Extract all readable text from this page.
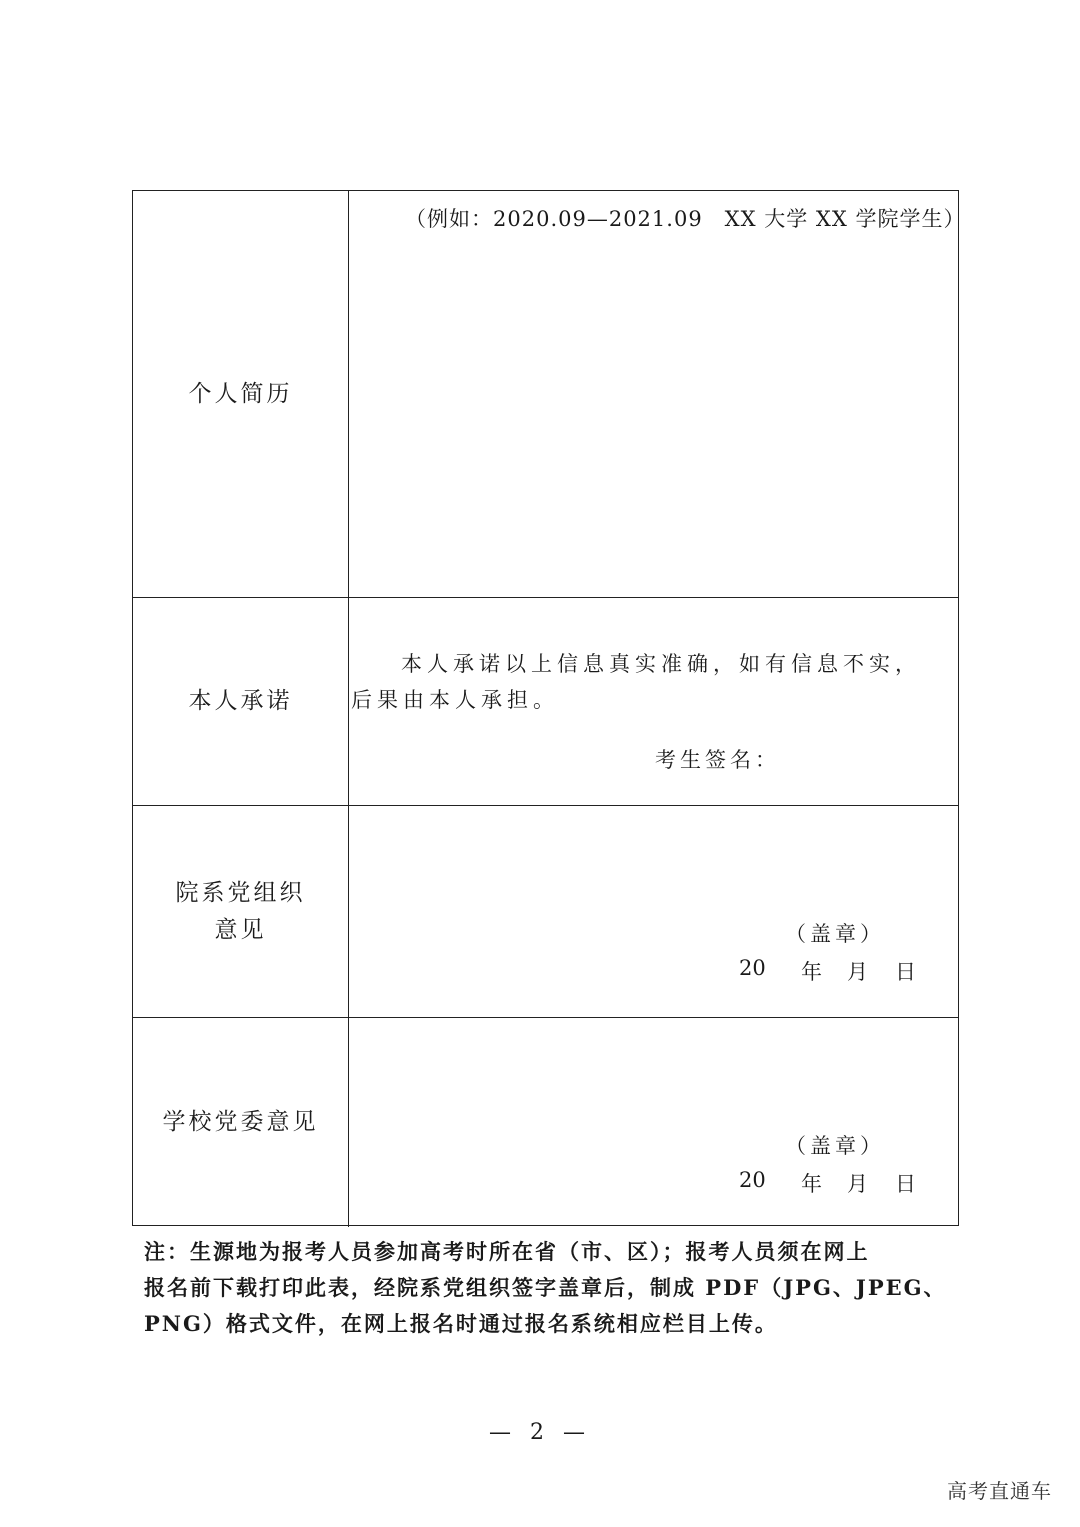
个人简历
（例如：2020.09—2021.09　XX 大学 XX 学院学生）
本人承诺
本人承诺以上信息真实准确，如有信息不实，
后果由本人承担。
考生签名：
院系党组织
意见	（盖章）
20 年 月 日
学校党委意见
（盖章）
20 年 月 日
注：生源地为报考人员参加高考时所在省（市、区）；报考人员须在网上
报名前下载打印此表，经院系党组织签字盖章后，制成 PDF（JPG、JPEG、
PNG）格式文件，在网上报名时通过报名系统相应栏目上传。
— 2 —
高考直通车
